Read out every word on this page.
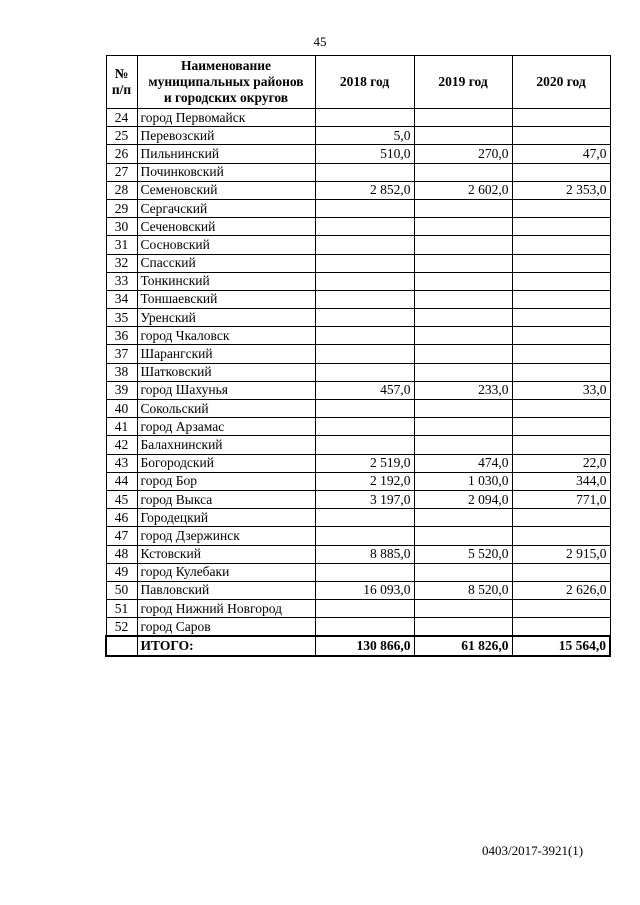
45
№ п/п	Наименование
муниципальных районов
и городских округов	2018 год	2019 год	2020 год
24	город Первомайск			
25	Перевозский	5,0		
26	Пильнинский	510,0	270,0	47,0
27	Починковский			
28	Семеновский	2 852,0	2 602,0	2 353,0
29	Сергачский			
30	Сеченовский			
31	Сосновский			
32	Спасский			
33	Тонкинский			
34	Тоншаевский			
35	Уренский			
36	город Чкаловск			
37	Шарангский			
38	Шатковский			
39	город Шахунья	457,0	233,0	33,0
40	Сокольский			
41	город Арзамас			
42	Балахнинский			
43	Богородский	2 519,0	474,0	22,0
44	город Бор	2 192,0	1 030,0	344,0
45	город Выкса	3 197,0	2 094,0	771,0
46	Городецкий			
47	город Дзержинск			
48	Кстовский	8 885,0	5 520,0	2 915,0
49	город Кулебаки			
50	Павловский	16 093,0	8 520,0	2 626,0
51	город Нижний Новгород			
52	город Саров			
	ИТОГО:	130 866,0	61 826,0	15 564,0
0403/2017-3921(1)
